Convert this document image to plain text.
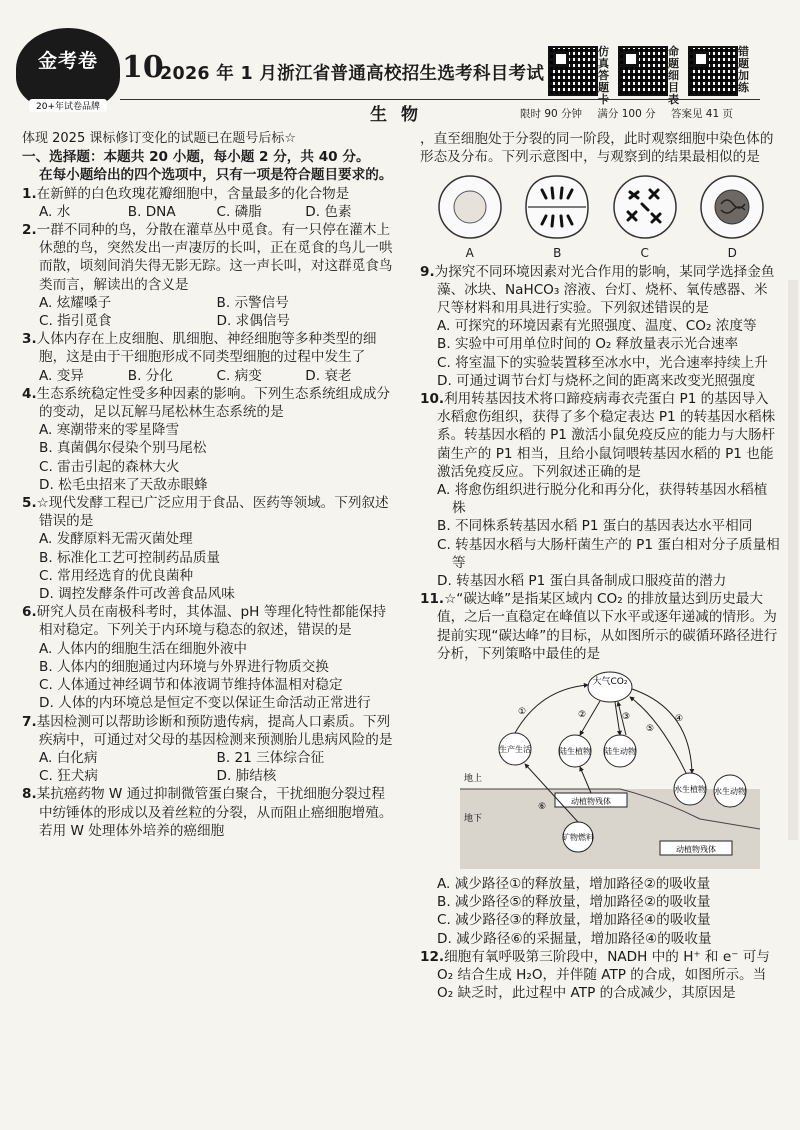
金考卷
20+年试卷品牌
10
2026 年 1 月浙江省普通高校招生选考科目考试
仿真答题卡
命题细目表
错题加练
生物	限时 90 分钟 满分 100 分 答案见 41 页

体现 2025 课标修订变化的试题已在题号后标☆

一、选择题：本题共 20 小题，每小题 2 分，共 40 分。
在每小题给出的四个选项中，只有一项是符合题目要求的。

1.在新鲜的白色玫瑰花瓣细胞中，含量最多的化合物是
A. 水	B. DNA	C. 磷脂	D. 色素
2.一群不同种的鸟，分散在灌草丛中觅食。有一只停在灌木上休憩的鸟，突然发出一声凄厉的长叫，正在觅食的鸟儿一哄而散，顷刻间消失得无影无踪。这一声长叫，对这群觅食鸟类而言，解读出的含义是
A. 炫耀嗓子	B. 示警信号
C. 指引觅食	D. 求偶信号
3.人体内存在上皮细胞、肌细胞、神经细胞等多种类型的细胞，这是由于干细胞形成不同类型细胞的过程中发生了
A. 变异	B. 分化	C. 病变	D. 衰老
4.生态系统稳定性受多种因素的影响。下列生态系统组成成分的变动，足以瓦解马尾松林生态系统的是
A. 寒潮带来的零星降雪
B. 真菌偶尔侵染个别马尾松
C. 雷击引起的森林大火
D. 松毛虫招来了天敌赤眼蜂
5.☆现代发酵工程已广泛应用于食品、医药等领域。下列叙述错误的是
A. 发酵原料无需灭菌处理
B. 标准化工艺可控制药品质量
C. 常用经选育的优良菌种
D. 调控发酵条件可改善食品风味
6.研究人员在南极科考时，其体温、pH 等理化特性都能保持相对稳定。下列关于内环境与稳态的叙述，错误的是
A. 人体内的细胞生活在细胞外液中
B. 人体内的细胞通过内环境与外界进行物质交换
C. 人体通过神经调节和体液调节维持体温相对稳定
D. 人体的内环境总是恒定不变以保证生命活动正常进行
7.基因检测可以帮助诊断和预防遗传病，提高人口素质。下列疾病中，可通过对父母的基因检测来预测胎儿患病风险的是
A. 白化病	B. 21 三体综合征
C. 狂犬病	D. 肺结核
8.某抗癌药物 W 通过抑制微管蛋白聚合，干扰细胞分裂过程中纺锤体的形成以及着丝粒的分裂，从而阻止癌细胞增殖。若用 W 处理体外培养的癌细胞

，直至细胞处于分裂的同一阶段，此时观察细胞中染色体的形态及分布。下列示意图中，与观察到的结果最相似的是

A	B	C	D
9.为探究不同环境因素对光合作用的影响，某同学选择金鱼藻、冰块、NaHCO₃ 溶液、台灯、烧杯、氧传感器、米尺等材料和用具进行实验。下列叙述错误的是
A. 可探究的环境因素有光照强度、温度、CO₂ 浓度等
B. 实验中可用单位时间的 O₂ 释放量表示光合速率
C. 将室温下的实验装置移至冰水中，光合速率持续上升
D. 可通过调节台灯与烧杯之间的距离来改变光照强度
10.利用转基因技术将口蹄疫病毒衣壳蛋白 P1 的基因导入水稻愈伤组织，获得了多个稳定表达 P1 的转基因水稻株系。转基因水稻的 P1 激活小鼠免疫反应的能力与大肠杆菌生产的 P1 相当，且给小鼠饲喂转基因水稻的 P1 也能激活免疫反应。下列叙述正确的是
A. 将愈伤组织进行脱分化和再分化，获得转基因水稻植株
B. 不同株系转基因水稻 P1 蛋白的基因表达水平相同
C. 转基因水稻与大肠杆菌生产的 P1 蛋白相对分子质量相等
D. 转基因水稻 P1 蛋白具备制成口服疫苗的潜力
11.☆“碳达峰”是指某区域内 CO₂ 的排放量达到历史最大值，之后一直稳定在峰值以下水平或逐年递减的情形。为提前实现“碳达峰”的目标，从如图所示的碳循环路径进行分析，下列策略中最佳的是
大气CO₂
生产生活	陆生植物 陆生动物
水生植物 水生动物
动植物残体
动植物残体
矿物燃料
地上
地下
①	②	③	④
⑤
⑥
A. 减少路径①的释放量，增加路径②的吸收量
B. 减少路径⑤的释放量，增加路径②的吸收量
C. 减少路径③的释放量，增加路径④的吸收量
D. 减少路径⑥的采掘量，增加路径④的吸收量
12.细胞有氧呼吸第三阶段中，NADH 中的 H⁺ 和 e⁻ 可与 O₂ 结合生成 H₂O，并伴随 ATP 的合成，如图所示。当 O₂ 缺乏时，此过程中 ATP 的合成减少，其原因是
